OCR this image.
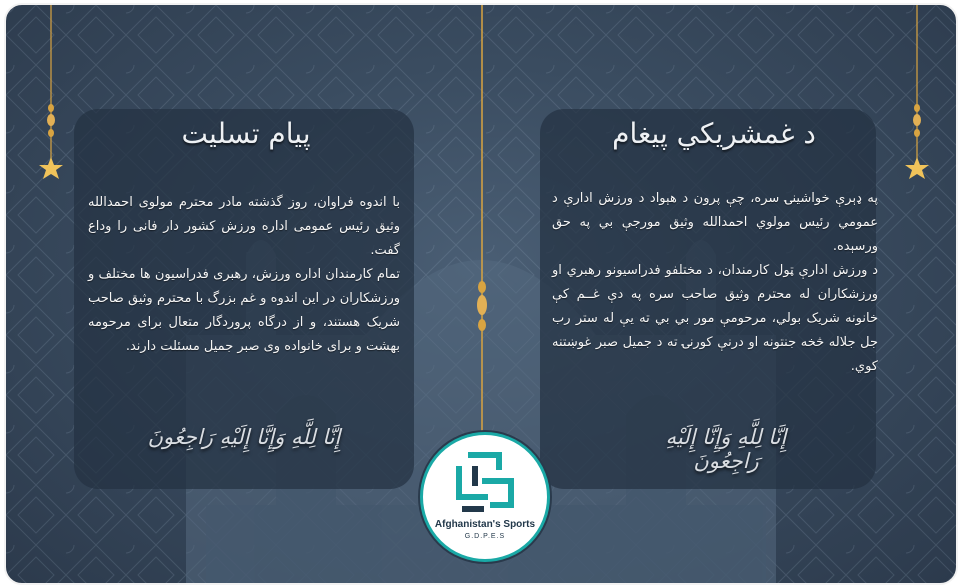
پیام تسلیت	د غمشریکي پیغام

با اندوه فراوان، روز گذشته مادر محترم مولوی احمدالله وثیق رئیس عمومی اداره ورزش کشور دار فانی را وداع گفت.

تمام کارمندان اداره ورزش، رهبری فدراسیون ها مختلف و ورزشکاران در این اندوه و غم بزرگ با محترم وثیق صاحب شریک هستند، و از درگاه پروردگار متعال برای مرحومه بهشت و برای خانواده وی صبر جمیل مسئلت دارند.

په ډېرې خواشینۍ سره، چې پرون د هېواد د ورزش ادارې د عمومي رئیس مولوي احمدالله وثیق مورجې بي په حق ورسېده.

د ورزش ادارې ټول کارمندان، د مختلفو فدراسیونو رهبري او ورزشکاران له محترم وثیق صاحب سره په دې غــم کې خانونه شریک بولي، مرحومې مور بي بي ته یې له ستر رب جل جلاله څخه جنتونه او درنې کورنۍ ته د جمیل صبر غوښتنه کوي.

إِنَّا لِلَّهِ وَإِنَّا إِلَيْهِ رَاجِعُونَ	إِنَّا لِلَّهِ وَإِنَّا إِلَيْهِ رَاجِعُونَ
Afghanistan's Sports
G.D.P.E.S
